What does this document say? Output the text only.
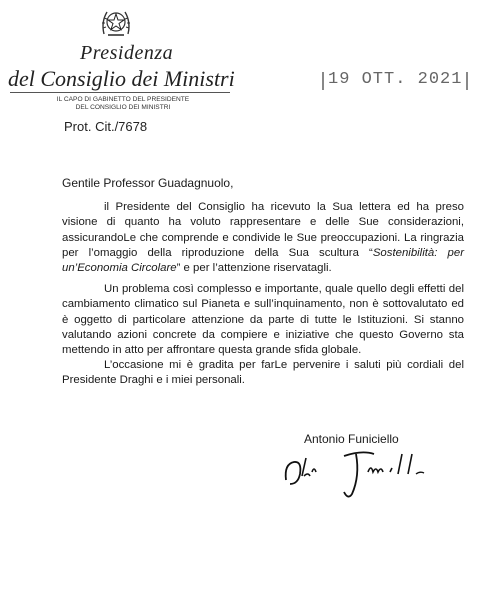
Presidenza
del Consiglio dei Ministri
IL CAPO DI GABINETTO DEL PRESIDENTE
DEL CONSIGLIO DEI MINISTRI
Prot. Cit./7678
19 OTT. 2021
Gentile Professor Guadagnuolo,
il Presidente del Consiglio ha ricevuto la Sua lettera ed ha preso visione di quanto ha voluto rappresentare e delle Sue considerazioni, assicurandoLe che comprende e condivide le Sue preoccupazioni. La ringrazia per l’omaggio della riproduzione della Sua scultura “Sostenibilità: per un’Economia Circolare” e per l’attenzione riservatagli.
Un problema così complesso e importante, quale quello degli effetti del cambiamento climatico sul Pianeta e sull’inquinamento, non è sottovalutato ed è oggetto di particolare attenzione da parte di tutte le Istituzioni. Si stanno valutando azioni concrete da compiere e iniziative che questo Governo sta mettendo in atto per affrontare questa grande sfida globale.
L’occasione mi è gradita per farLe pervenire i saluti più cordiali del Presidente Draghi e i miei personali.
Antonio Funiciello
